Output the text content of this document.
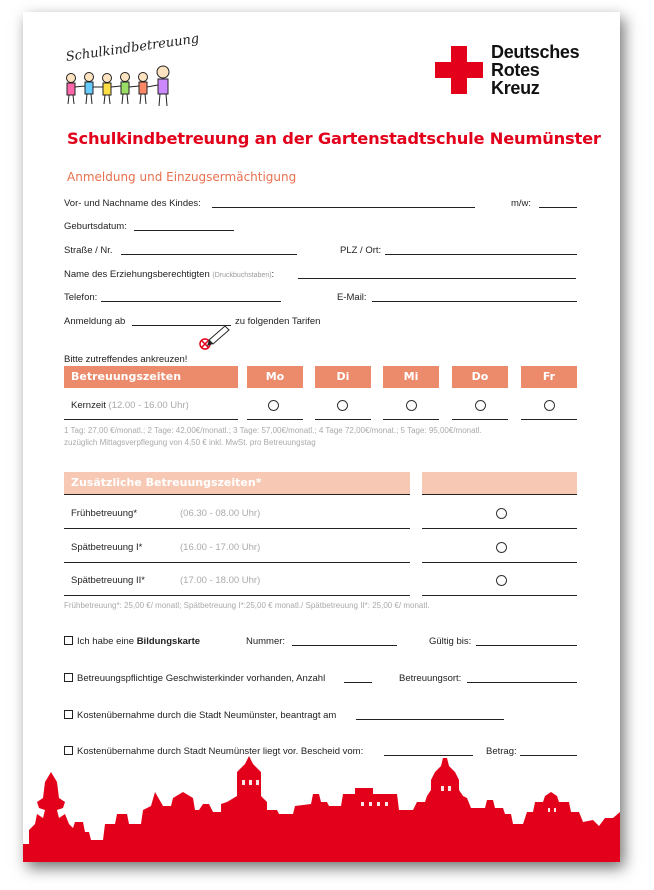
Schulkindbetreuung	Deutsches
Rotes
Kreuz
Schulkindbetreuung an der Gartenstadtschule Neumünster
Anmeldung und Einzugsermächtigung
Vor- und Nachname des Kindes:	m/w:
Geburtsdatum:
Straße / Nr.	PLZ / Ort:
Name des Erziehungsberechtigten (Druckbuchstaben):
Telefon:	E-Mail:
Anmeldung ab	zu folgenden Tarifen
Bitte zutreffendes ankreuzen!
Betreuungszeiten	Mo	Di	Mi	Do	Fr
Kernzeit (12.00 - 16.00 Uhr)
1 Tag: 27,00 €/monatl.; 2 Tage: 42,00€/monatl.; 3 Tage: 57,00€/monatl.; 4 Tage 72,00€/monat.; 5 Tage: 95,00€/monatl.
zuzüglich Mittagsverpflegung von 4,50 € inkl. MwSt. pro Betreuungstag
Zusätzliche Betreuungszeiten*
Frühbetreuung*	(06.30 - 08.00 Uhr)
Spätbetreuung I*	(16.00 - 17.00 Uhr)
Spätbetreuung II*	(17.00 - 18.00 Uhr)
Frühbetreuung*: 25,00 €/ monatl; Spätbetreuung I*:25,00 € monatl./ Spätbetreuung II*: 25,00 €/ monatl.
Ich habe eine Bildungskarte	Nummer:	Gültig bis:
Betreuungspflichtige Geschwisterkinder vorhanden, Anzahl	Betreuungsort:
Kostenübernahme durch die Stadt Neumünster, beantragt am
Kostenübernahme durch Stadt Neumünster liegt vor. Bescheid vom:	Betrag:
